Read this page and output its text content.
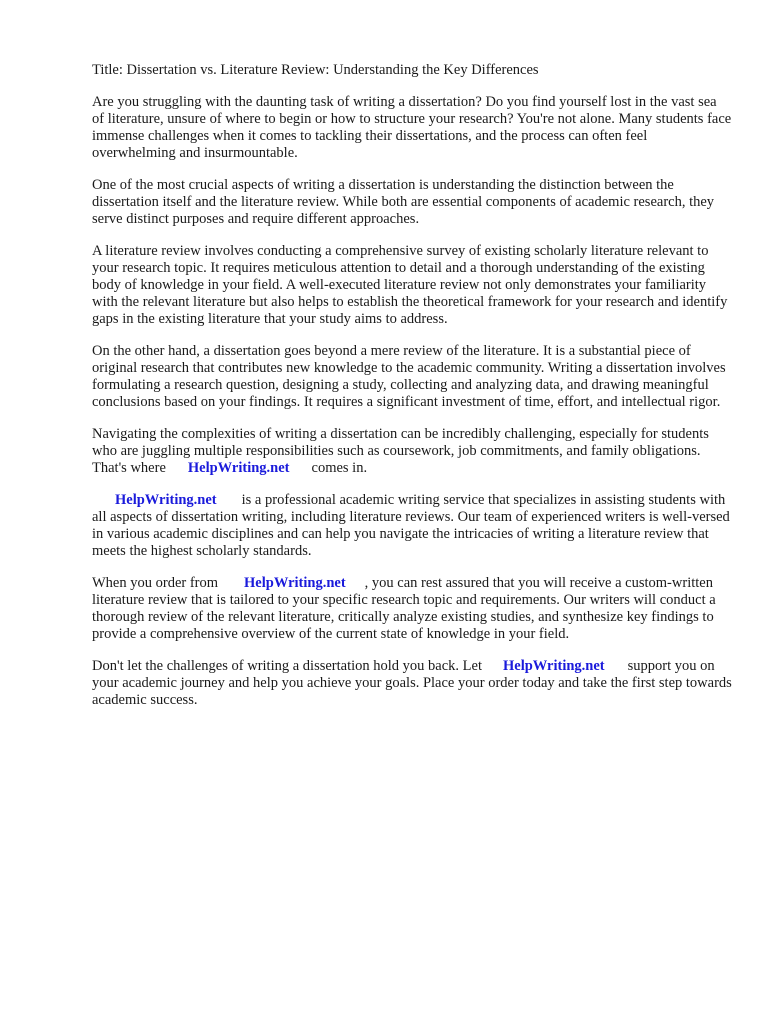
Title: Dissertation vs. Literature Review: Understanding the Key Differences

Are you struggling with the daunting task of writing a dissertation? Do you find yourself lost in the vast sea of literature, unsure of where to begin or how to structure your research? You're not alone. Many students face immense challenges when it comes to tackling their dissertations, and the process can often feel overwhelming and insurmountable.

One of the most crucial aspects of writing a dissertation is understanding the distinction between the dissertation itself and the literature review. While both are essential components of academic research, they serve distinct purposes and require different approaches.

A literature review involves conducting a comprehensive survey of existing scholarly literature relevant to your research topic. It requires meticulous attention to detail and a thorough understanding of the existing body of knowledge in your field. A well-executed literature review not only demonstrates your familiarity with the relevant literature but also helps to establish the theoretical framework for your research and identify gaps in the existing literature that your study aims to address.

On the other hand, a dissertation goes beyond a mere review of the literature. It is a substantial piece of original research that contributes new knowledge to the academic community. Writing a dissertation involves formulating a research question, designing a study, collecting and analyzing data, and drawing meaningful conclusions based on your findings. It requires a significant investment of time, effort, and intellectual rigor.

Navigating the complexities of writing a dissertation can be incredibly challenging, especially for students who are juggling multiple responsibilities such as coursework, job commitments, and family obligations. That's where HelpWriting.net comes in.

HelpWriting.net is a professional academic writing service that specializes in assisting students with all aspects of dissertation writing, including literature reviews. Our team of experienced writers is well-versed in various academic disciplines and can help you navigate the intricacies of writing a literature review that meets the highest scholarly standards.

When you order from HelpWriting.net , you can rest assured that you will receive a custom-written literature review that is tailored to your specific research topic and requirements. Our writers will conduct a thorough review of the relevant literature, critically analyze existing studies, and synthesize key findings to provide a comprehensive overview of the current state of knowledge in your field.

Don't let the challenges of writing a dissertation hold you back. Let HelpWriting.net support you on your academic journey and help you achieve your goals. Place your order today and take the first step towards academic success.
